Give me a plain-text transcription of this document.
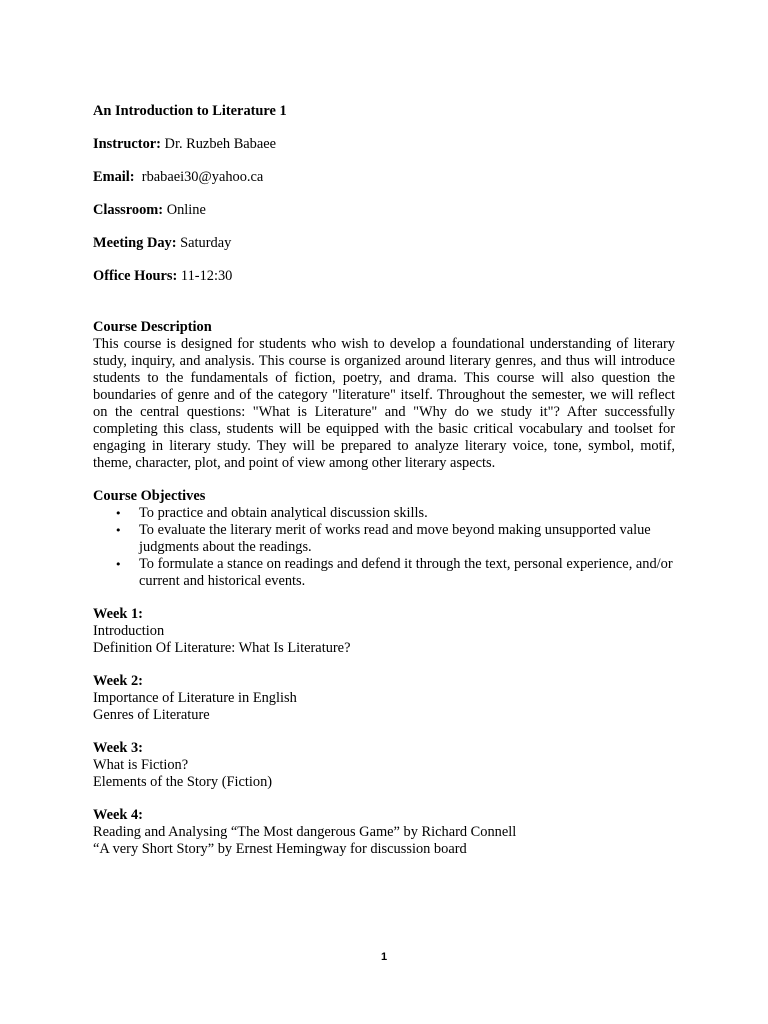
An Introduction to Literature 1

Instructor: Dr. Ruzbeh Babaee

Email:  rbabaei30@yahoo.ca

Classroom: Online

Meeting Day: Saturday

Office Hours: 11-12:30

Course Description

This course is designed for students who wish to develop a foundational understanding of literary study, inquiry, and analysis. This course is organized around literary genres, and thus will introduce students to the fundamentals of fiction, poetry, and drama. This course will also question the boundaries of genre and of the category "literature" itself. Throughout the semester, we will reflect on the central questions: "What is Literature" and "Why do we study it"? After successfully completing this class, students will be equipped with the basic critical vocabulary and toolset for engaging in literary study. They will be prepared to analyze literary voice, tone, symbol, motif, theme, character, plot, and point of view among other literary aspects.

Course Objectives

• To practice and obtain analytical discussion skills.
• To evaluate the literary merit of works read and move beyond making unsupported value judgments about the readings.
• To formulate a stance on readings and defend it through the text, personal experience, and/or current and historical events.
Week 1:
Introduction
Definition Of Literature: What Is Literature?
Week 2:
Importance of Literature in English
Genres of Literature
Week 3:
What is Fiction?
Elements of the Story (Fiction)
Week 4:
Reading and Analysing “The Most dangerous Game” by Richard Connell
“A very Short Story” by Ernest Hemingway for discussion board
1
